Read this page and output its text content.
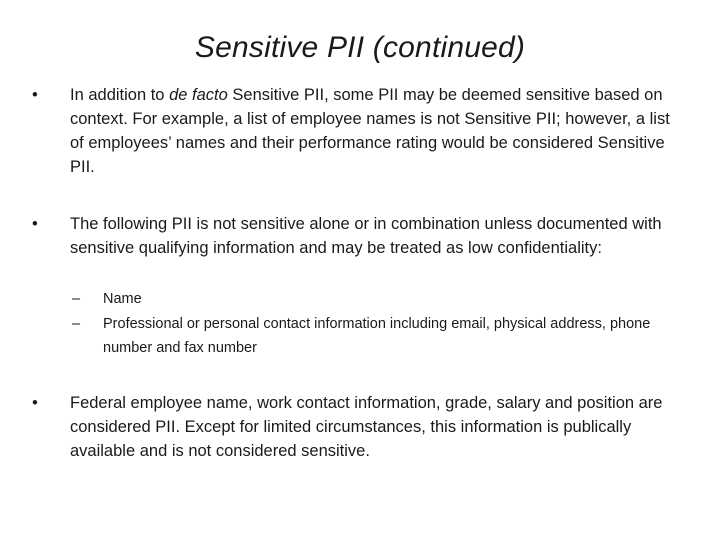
Sensitive PII (continued)
•	In addition to de facto Sensitive PII, some PII may be deemed sensitive based on context. For example, a list of employee names is not Sensitive PII; however, a list of employees’ names and their performance rating would be considered Sensitive PII.
•	The following PII is not sensitive alone or in combination unless documented with sensitive qualifying information and may be treated as low confidentiality:
– Name
– Professional or personal contact information including email, physical address, phone number and fax number
•	Federal employee name, work contact information, grade, salary and position are considered PII. Except for limited circumstances, this information is publically available and is not considered sensitive.
